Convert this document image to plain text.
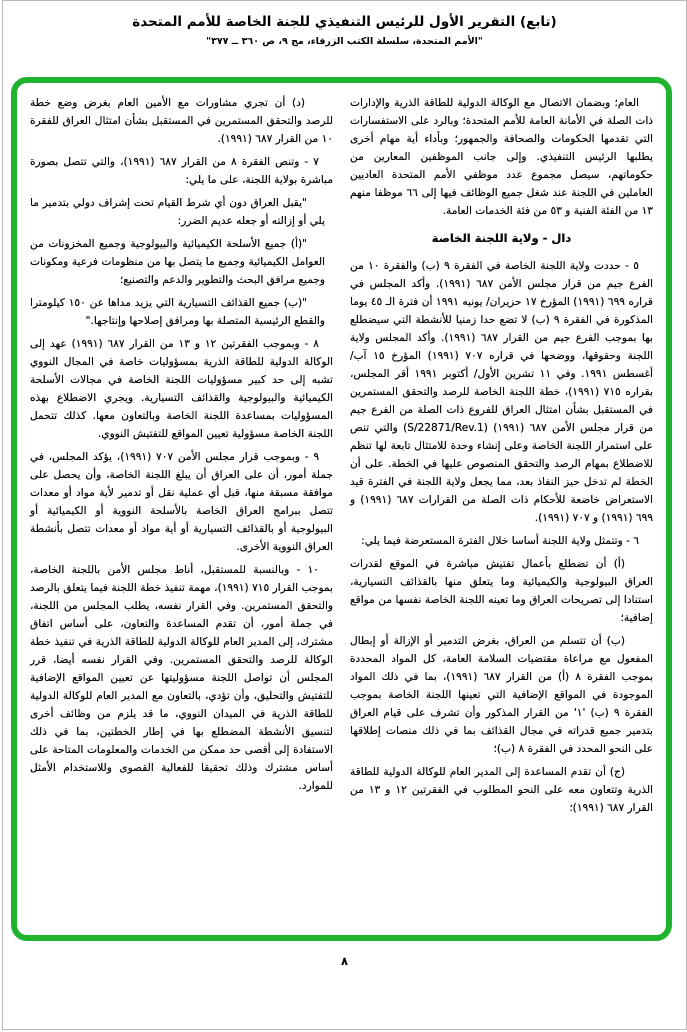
(تابع) التقرير الأول للرئيس التنفيذي للجنة الخاصة للأمم المتحدة
"الأمم المتحدة، سلسلة الكتب الزرقاء، مج ٩، ص ٣٦٠ ــ ٣٧٧"

العام؛ وبضمان الاتصال مع الوكالة الدولية للطاقة الذرية والإدارات ذات الصلة في الأمانة العامة للأمم المتحدة؛ وبالرد على الاستفسارات التي تقدمها الحكومات والصحافة والجمهور؛ وبأداء أية مهام أخرى يطلبها الرئيس التنفيذي. وإلى جانب الموظفين المعارين من حكوماتهم، سيصل مجموع عدد موظفي الأمم المتحدة العاديين العاملين في اللجنة عند شغل جميع الوظائف فيها إلى ٦٦ موظفا منهم ١٣ من الفئة الفنية و ٥٣ من فئة الخدمات العامة.

دال - ولاية اللجنة الخاصة

٥ - حددت ولاية اللجنة الخاصة في الفقرة ٩ (ب) والفقرة ١٠ من الفرع جيم من قرار مجلس الأمن ٦٨٧ (١٩٩١). وأكد المجلس في قراره ٦٩٩ (١٩٩١) المؤرخ ١٧ حزيران/ يونيه ١٩٩١ أن فترة الـ ٤٥ يوما المذكورة في الفقرة ٩ (ب) لا تضع حدا زمنيا للأنشطة التي سيضطلع بها بموجب الفرع جيم من القرار ٦٨٧ (١٩٩١). وأكد المجلس ولاية اللجنة وحقوقها، ووضحها في قراره ٧٠٧ (١٩٩١) المؤرخ ١٥ آب/ أغسطس ١٩٩١. وفي ١١ تشرين الأول/ أكتوبر ١٩٩١ أقر المجلس، بقراره ٧١٥ (١٩٩١)، خطة اللجنة الخاصة للرصد والتحقق المستمرين في المستقبل بشأن امتثال العراق للفروع ذات الصلة من الفرع جيم من قرار مجلس الأمن ٦٨٧ (١٩٩١) (S/22871/Rev.1) والتي تنص على استمرار اللجنة الخاصة وعلى إنشاء وحدة للامتثال تابعة لها تنظم للاضطلاع بمهام الرصد والتحقق المنصوص عليها في الخطة. على أن الخطة لم تدخل حيز النفاذ بعد، مما يجعل ولاية اللجنة في الفترة قيد الاستعراض خاضعة للأحكام ذات الصلة من القرارات ٦٨٧ (١٩٩١) و ٦٩٩ (١٩٩١) و ٧٠٧ (١٩٩١).

٦ - وتتمثل ولاية اللجنة أساسا خلال الفترة المستعرضة فيما يلي:

(أ) أن تضطلع بأعمال تفتيش مباشرة في الموقع لقدرات العراق البيولوجية والكيميائية وما يتعلق منها بالقذائف التسيارية، استنادا إلى تصريحات العراق وما تعينه اللجنة الخاصة نفسها من مواقع إضافية؛

(ب) أن تتسلم من العراق، بغرض التدمير أو الإزالة أو إبطال المفعول مع مراعاة مقتضيات السلامة العامة، كل المواد المحددة بموجب الفقرة ٨ (أ) من القرار ٦٨٧ (١٩٩١)، بما في ذلك المواد الموجودة في المواقع الإضافية التي تعينها اللجنة الخاصة بموجب الفقرة ٩ (ب) '١' من القرار المذكور وأن تشرف على قيام العراق بتدمير جميع قدراته في مجال القذائف بما في ذلك منصات إطلاقها على النحو المحدد في الفقرة ٨ (ب)؛

(ج) أن تقدم المساعدة إلى المدير العام للوكالة الدولية للطاقة الذرية وتتعاون معه على النحو المطلوب في الفقرتين ١٢ و ١٣ من القرار ٦٨٧ (١٩٩١)؛

(د) أن تجري مشاورات مع الأمين العام بغرض وضع خطة للرصد والتحقق المستمرين في المستقبل بشأن امتثال العراق للفقرة ١٠ من القرار ٦٨٧ (١٩٩١).

٧ - وتنص الفقرة ٨ من القرار ٦٨٧ (١٩٩١)، والتي تتصل بصورة مباشرة بولاية اللجنة، على ما يلي:

"يقبل العراق دون أي شرط القيام تحت إشراف دولي بتدمير ما يلي أو إزالته أو جعله عديم الضرر:

"(أ) جميع الأسلحة الكيميائية والبيولوجية وجميع المخزونات من العوامل الكيميائية وجميع ما يتصل بها من منظومات فرعية ومكونات وجميع مرافق البحث والتطوير والدعم والتصنيع؛

"(ب) جميع القذائف التسيارية التي يزيد مداها عن ١٥٠ كيلومترا والقطع الرئيسية المتصلة بها ومرافق إصلاحها وإنتاجها."

٨ - وبموجب الفقرتين ١٢ و ١٣ من القرار ٦٨٧ (١٩٩١) عهد إلى الوكالة الدولية للطاقة الذرية بمسؤوليات خاصة في المجال النووي تشبه إلى حد كبير مسؤوليات اللجنة الخاصة في مجالات الأسلحة الكيميائية والبيولوجية والقذائف التسيارية. ويجري الاضطلاع بهذه المسؤوليات بمساعدة اللجنة الخاصة وبالتعاون معها. كذلك تتحمل اللجنة الخاصة مسؤولية تعيين المواقع للتفتيش النووي.

٩ - وبموجب قرار مجلس الأمن ٧٠٧ (١٩٩١)، يؤكد المجلس، في جملة أمور، أن على العراق أن يبلغ اللجنة الخاصة، وأن يحصل على موافقة مسبقة منها، قبل أي عملية نقل أو تدمير لأية مواد أو معدات تتصل ببرامج العراق الخاصة بالأسلحة النووية أو الكيميائية أو البيولوجية أو بالقذائف التسيارية أو أية مواد أو معدات تتصل بأنشطة العراق النووية الأخرى.

١٠ - وبالنسبة للمستقبل، أناط مجلس الأمن باللجنة الخاصة، بموجب القرار ٧١٥ (١٩٩١)، مهمة تنفيذ خطة اللجنة فيما يتعلق بالرصد والتحقق المستمرين. وفي القرار نفسه، يطلب المجلس من اللجنة، في جملة أمور، أن تقدم المساعدة والتعاون، على أساس اتفاق مشترك، إلى المدير العام للوكالة الدولية للطاقة الذرية في تنفيذ خطة الوكالة للرصد والتحقق المستمرين. وفي القرار نفسه أيضا، قرر المجلس أن تواصل اللجنة مسؤوليتها عن تعيين المواقع الإضافية للتفتيش والتحليق، وأن تؤدي، بالتعاون مع المدير العام للوكالة الدولية للطاقة الذرية في الميدان النووي، ما قد يلزم من وظائف أخرى لتنسيق الأنشطة المضطلع بها في إطار الخطتين، بما في ذلك الاستفادة إلى أقصى حد ممكن من الخدمات والمعلومات المتاحة على أساس مشترك وذلك تحقيقا للفعالية القصوى وللاستخدام الأمثل للموارد.

٨
